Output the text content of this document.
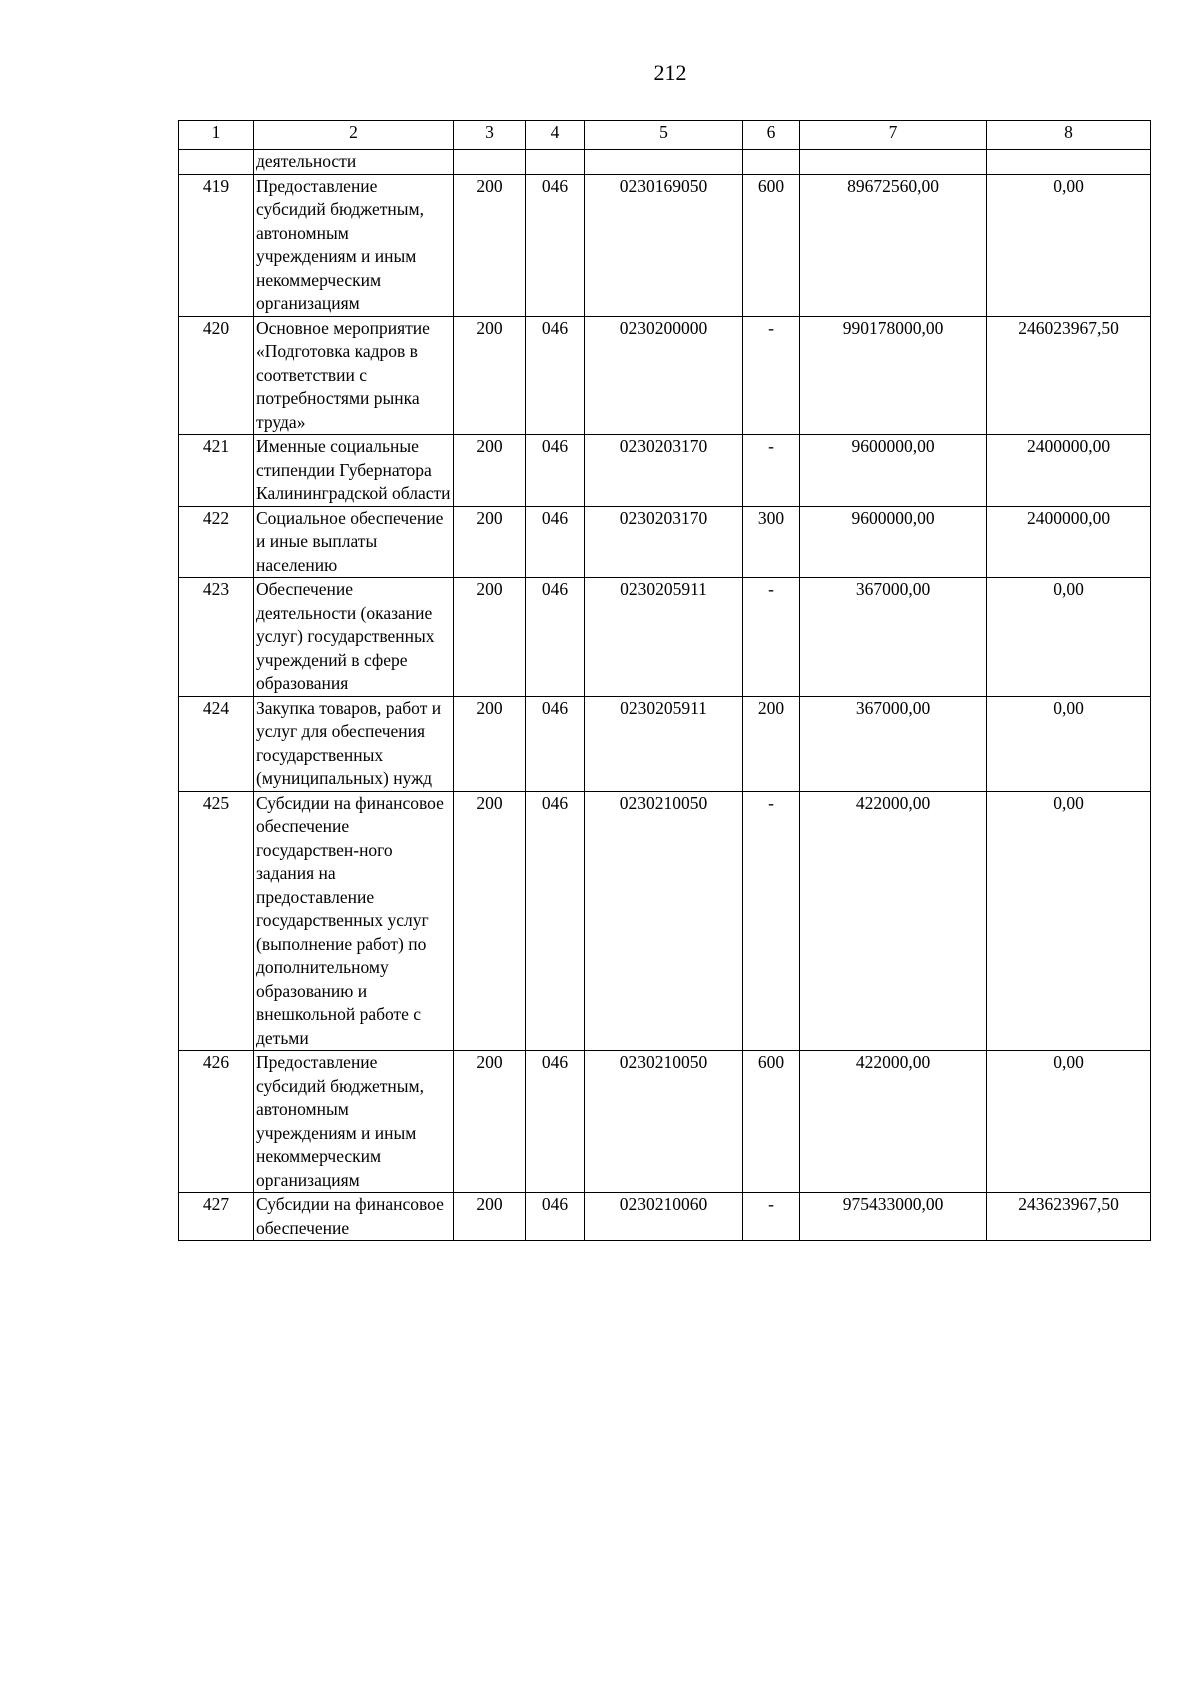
212
1	2	3	4	5	6	7	8
	деятельности						
419	Предоставление субсидий бюджетным, автономным учреждениям и иным некоммерческим организациям	200	046	0230169050	600	89672560,00	0,00
420	Основное мероприятие «Подготовка кадров в соответствии с потребностями рынка труда»	200	046	0230200000	-	990178000,00	246023967,50
421	Именные социальные стипендии Губернатора Калининградской области	200	046	0230203170	-	9600000,00	2400000,00
422	Социальное обеспечение и иные выплаты населению	200	046	0230203170	300	9600000,00	2400000,00
423	Обеспечение деятельности (оказание услуг) государственных учреждений в сфере образования	200	046	0230205911	-	367000,00	0,00
424	Закупка товаров, работ и услуг для обеспечения государственных (муниципальных) нужд	200	046	0230205911	200	367000,00	0,00
425	Субсидии на финансовое обеспечение государствен-ного задания на предоставление государственных услуг (выполнение работ) по дополнительному образованию и внешкольной работе с детьми	200	046	0230210050	-	422000,00	0,00
426	Предоставление субсидий бюджетным, автономным учреждениям и иным некоммерческим организациям	200	046	0230210050	600	422000,00	0,00
427	Субсидии на финансовое обеспечение	200	046	0230210060	-	975433000,00	243623967,50
